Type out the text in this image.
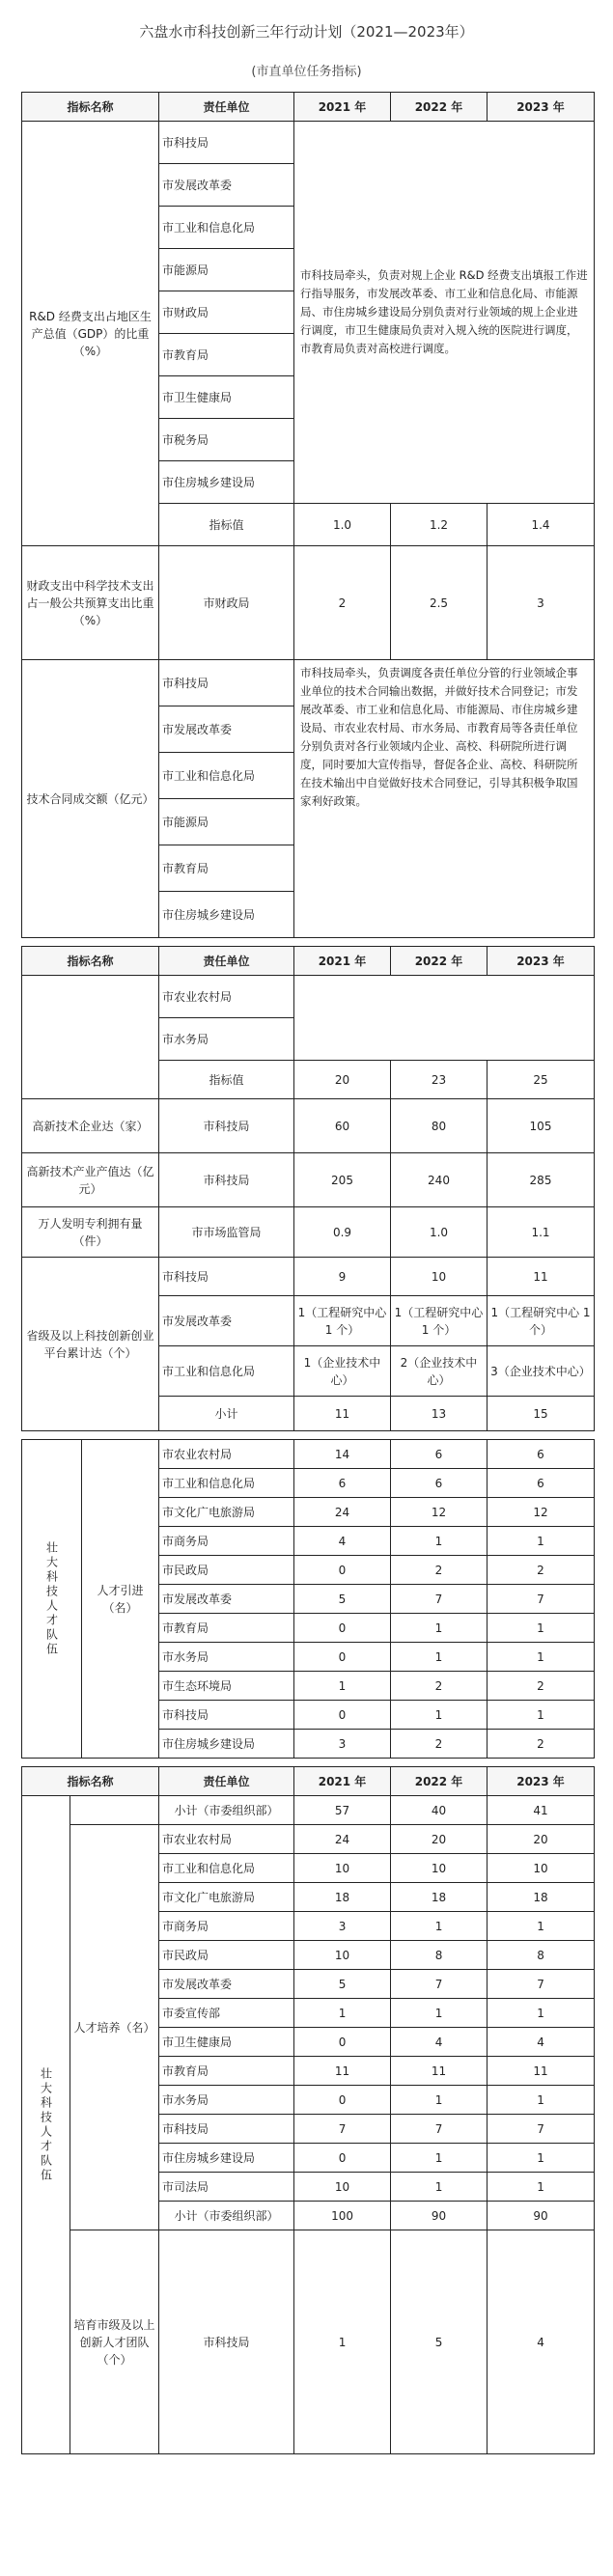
六盘水市科技创新三年行动计划（2021—2023年）
(市直单位任务指标)
指标名称	责任单位	2021 年	2022 年	2023 年
R&D 经费支出占地区生产总值（GDP）的比重（%）	市科技局	市科技局牵头，负责对规上企业 R&D 经费支出填报工作进行指导服务，市发展改革委、市工业和信息化局、市能源局、市住房城乡建设局分别负责对行业领域的规上企业进行调度，市卫生健康局负责对入规入统的医院进行调度，市教育局负责对高校进行调度。		
	市发展改革委			
	市工业和信息化局			
	市能源局			
	市财政局			
	市教育局			
	市卫生健康局			
	市税务局			
	市住房城乡建设局			
	指标值	1.0	1.2	1.4
财政支出中科学技术支出占一般公共预算支出比重（%）	市财政局	2	2.5	3
技术合同成交额（亿元）	市科技局	市科技局牵头，负责调度各责任单位分管的行业领域企事业单位的技术合同输出数据，并做好技术合同登记；市发展改革委、市工业和信息化局、市能源局、市住房城乡建设局、市农业农村局、市水务局、市教育局等各责任单位分别负责对各行业领域内企业、高校、科研院所进行调度，同时要加大宣传指导，督促各企业、高校、科研院所在技术输出中自觉做好技术合同登记，引导其积极争取国家利好政策。		
	市发展改革委			
	市工业和信息化局			
	市能源局			
	市教育局			
	市住房城乡建设局			
指标名称	责任单位	2021 年	2022 年	2023 年
	市农业农村局			
	市水务局			
	指标值	20	23	25
高新技术企业达（家）	市科技局	60	80	105
高新技术产业产值达（亿元）	市科技局	205	240	285
万人发明专利拥有量（件）	市市场监管局	0.9	1.0	1.1
省级及以上科技创新创业平台累计达（个）	市科技局	9	10	11
	市发展改革委	1（工程研究中心 1 个）	1（工程研究中心 1 个）	1（工程研究中心 1 个）
	市工业和信息化局	1（企业技术中心）	2（企业技术中心）	3（企业技术中心）
	小计	11	13	15
壮大科技人才队伍	人才引进（名）	市农业农村局	14	6	6
		市工业和信息化局	6	6	6
		市文化广电旅游局	24	12	12
		市商务局	4	1	1
		市民政局	0	2	2
		市发展改革委	5	7	7
		市教育局	0	1	1
		市水务局	0	1	1
		市生态环境局	1	2	2
		市科技局	0	1	1
		市住房城乡建设局	3	2	2
指标名称		责任单位	2021 年	2022 年	2023 年
壮大科技人才队伍		小计（市委组织部）	57	40	41
	人才培养（名）	市农业农村局	24	20	20
		市工业和信息化局	10	10	10
		市文化广电旅游局	18	18	18
		市商务局	3	1	1
		市民政局	10	8	8
		市发展改革委	5	7	7
		市委宣传部	1	1	1
		市卫生健康局	0	4	4
		市教育局	11	11	11
		市水务局	0	1	1
		市科技局	7	7	7
		市住房城乡建设局	0	1	1
		市司法局	10	1	1
		小计（市委组织部）	100	90	90
	培育市级及以上创新人才团队（个）	市科技局	1	5	4
